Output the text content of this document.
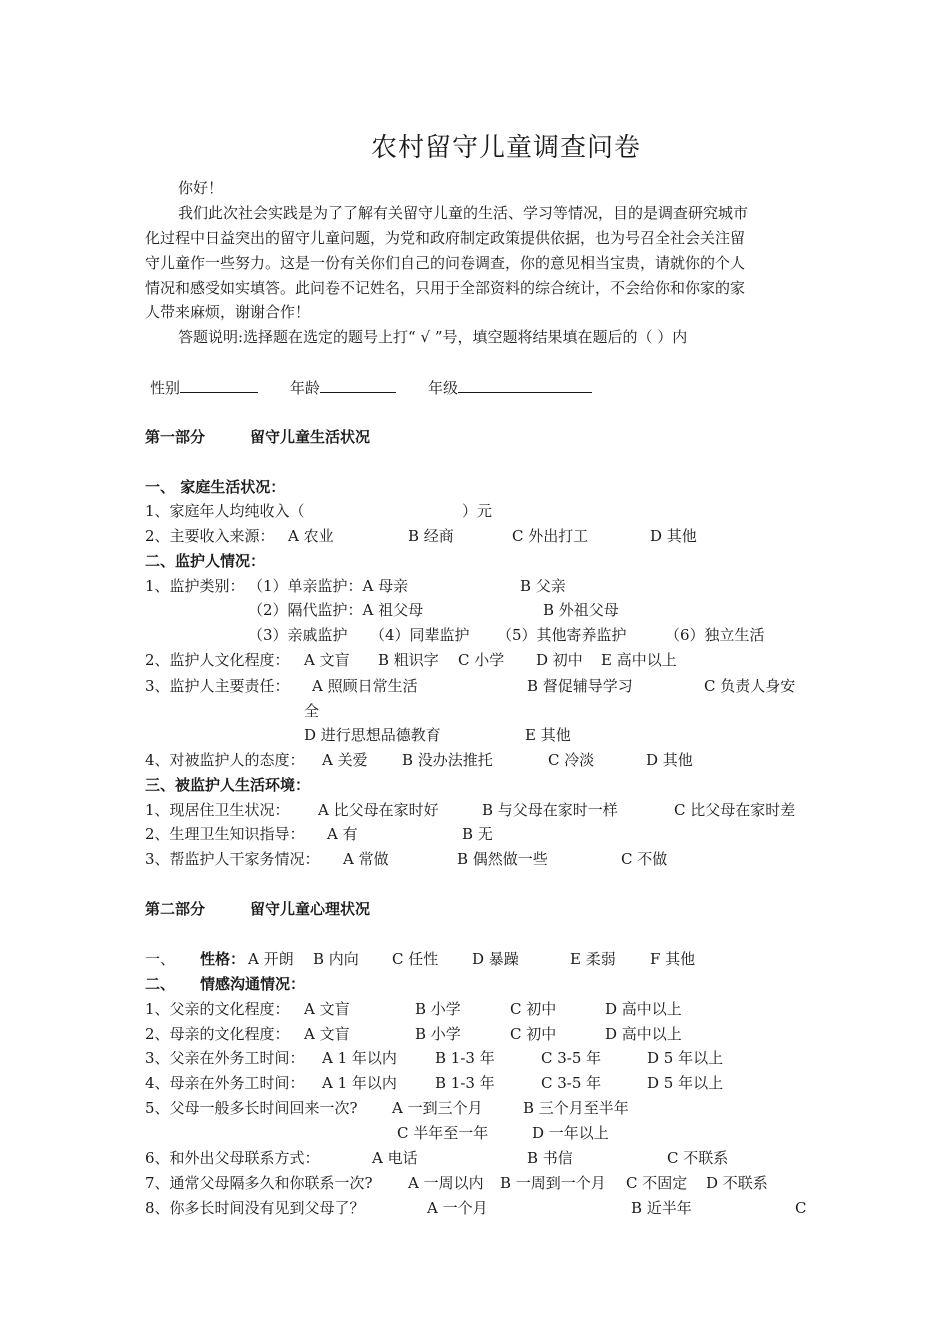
农村留守儿童调查问卷
你好！
我们此次社会实践是为了了解有关留守儿童的生活、学习等情况，目的是调查研究城市
化过程中日益突出的留守儿童问题，为党和政府制定政策提供依据，也为号召全社会关注留
守儿童作一些努力。这是一份有关你们自己的问卷调查，你的意见相当宝贵，请就你的个人
情况和感受如实填答。此问卷不记姓名，只用于全部资料的综合统计，不会给你和你家的家
人带来麻烦，谢谢合作！
答题说明:选择题在选定的题号上打“ √ ”号，填空题将结果填在题后的（ ）内
性别	年龄	年级
第一部分	留守儿童生活状况
一、 家庭生活状况：
1、家庭年人均纯收入（	）元
2、主要收入来源： A 农业	B 经商	C 外出打工	D 其他
二、监护人情况：
1、监护类别： （1）单亲监护：A 母亲	B 父亲
（2）隔代监护：A 祖父母	B 外祖父母
（3）亲戚监护 （4）同辈监护 （5）其他寄养监护	（6）独立生活
2、监护人文化程度： A 文盲 B 粗识字 C 小学 D 初中 E 高中以上
3、监护人主要责任： A 照顾日常生活	B 督促辅导学习	C 负责人身安
全
D 进行思想品德教育	E 其他
4、对被监护人的态度： A 关爱 B 没办法推托	C 冷淡	D 其他
三、被监护人生活环境：
1、现居住卫生状况： A 比父母在家时好	B 与父母在家时一样	C 比父母在家时差
2、生理卫生知识指导： A 有	B 无
3、帮监护人干家务情况： A 常做	B 偶然做一些	C 不做
第二部分	留守儿童心理状况
一、 性格： A 开朗 B 内向 C 任性 D 暴躁	E 柔弱 F 其他
二、 情感沟通情况：
1、父亲的文化程度： A 文盲	B 小学	C 初中	D 高中以上
2、母亲的文化程度： A 文盲	B 小学	C 初中	D 高中以上
3、父亲在外务工时间： A 1 年以内	B 1-3 年	C 3-5 年	D 5 年以上
4、母亲在外务工时间： A 1 年以内	B 1-3 年	C 3-5 年	D 5 年以上
5、父母一般多长时间回来一次? A 一到三个月	B 三个月至半年
C 半年至一年	D 一年以上
6、和外出父母联系方式：	A 电话	B 书信	C 不联系
7、通常父母隔多久和你联系一次? A 一周以内 B 一周到一个月 C 不固定 D 不联系
8、你多长时间没有见到父母了？	A 一个月	B 近半年	C
